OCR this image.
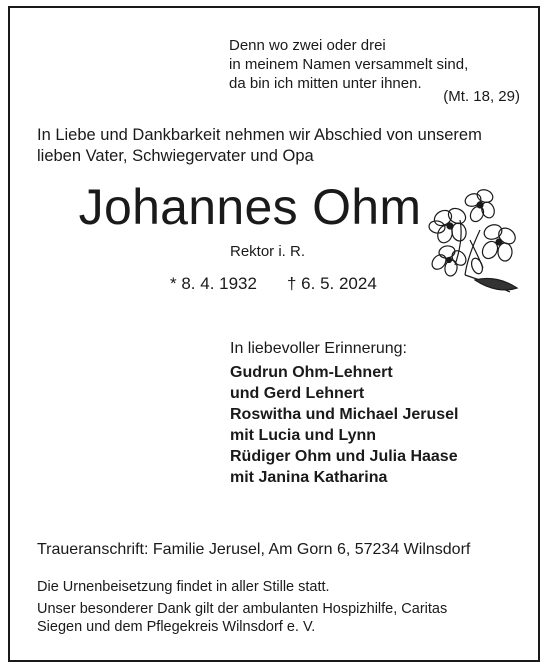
Denn wo zwei oder drei
in meinem Namen versammelt sind,
da bin ich mitten unter ihnen.
(Mt. 18, 29)
In Liebe und Dankbarkeit nehmen wir Abschied von unserem
lieben Vater, Schwiegervater und Opa
Johannes Ohm
Rektor i. R.
* 8. 4. 1932 † 6. 5. 2024
In liebevoller Erinnerung:
Gudrun Ohm-Lehnert
und Gerd Lehnert
Roswitha und Michael Jerusel
mit Lucia und Lynn
Rüdiger Ohm und Julia Haase
mit Janina Katharina
Traueranschrift: Familie Jerusel, Am Gorn 6, 57234 Wilnsdorf
Die Urnenbeisetzung findet in aller Stille statt.
Unser besonderer Dank gilt der ambulanten Hospizhilfe, Caritas
Siegen und dem Pflegekreis Wilnsdorf e. V.
